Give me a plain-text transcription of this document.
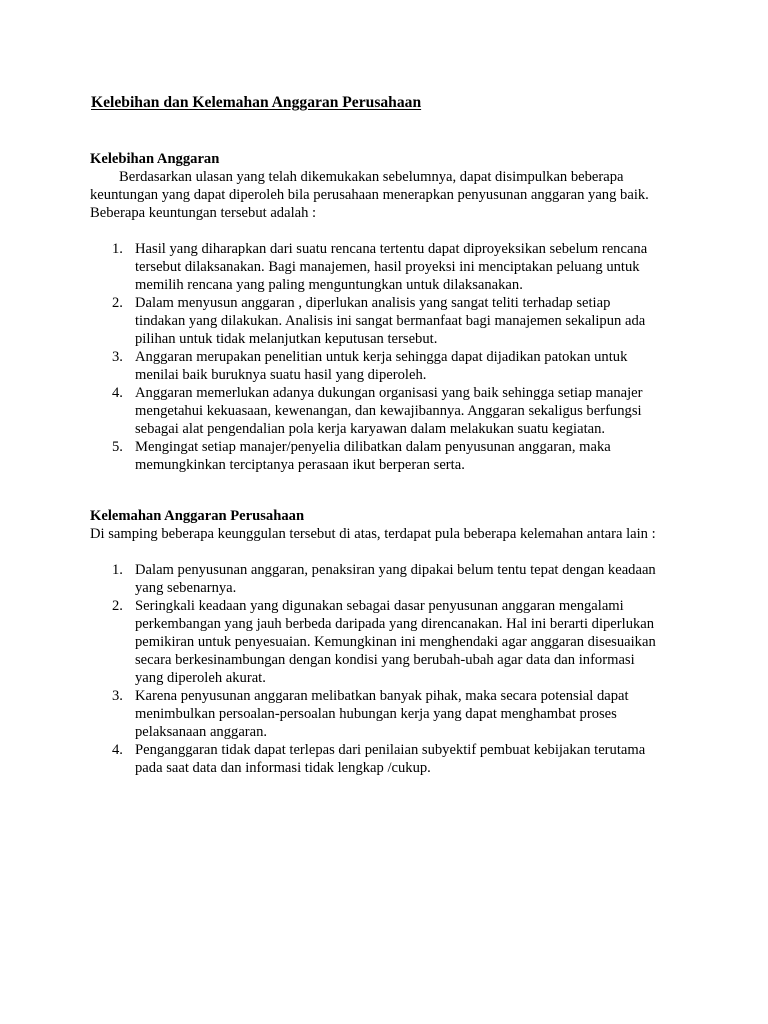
Kelebihan dan Kelemahan Anggaran Perusahaan
Kelebihan Anggaran

Berdasarkan ulasan yang telah dikemukakan sebelumnya, dapat disimpulkan beberapa
keuntungan yang dapat diperoleh bila perusahaan menerapkan penyusunan anggaran yang baik.
Beberapa keuntungan tersebut adalah :

1. Hasil yang diharapkan dari suatu rencana tertentu dapat diproyeksikan sebelum rencana
tersebut dilaksanakan. Bagi manajemen, hasil proyeksi ini menciptakan peluang untuk
memilih rencana yang paling menguntungkan untuk dilaksanakan.
2. Dalam menyusun anggaran , diperlukan analisis yang sangat teliti terhadap setiap
tindakan yang dilakukan. Analisis ini sangat bermanfaat bagi manajemen sekalipun ada
pilihan untuk tidak melanjutkan keputusan tersebut.
3. Anggaran merupakan penelitian untuk kerja sehingga dapat dijadikan patokan untuk
menilai baik buruknya suatu hasil yang diperoleh.
4. Anggaran memerlukan adanya dukungan organisasi yang baik sehingga setiap manajer
mengetahui kekuasaan, kewenangan, dan kewajibannya. Anggaran sekaligus berfungsi
sebagai alat pengendalian pola kerja karyawan dalam melakukan suatu kegiatan.
5. Mengingat setiap manajer/penyelia dilibatkan dalam penyusunan anggaran, maka
memungkinkan terciptanya perasaan ikut berperan serta.
Kelemahan Anggaran Perusahaan

Di samping beberapa keunggulan tersebut di atas, terdapat pula beberapa kelemahan antara lain :

1. Dalam penyusunan anggaran, penaksiran yang dipakai belum tentu tepat dengan keadaan
yang sebenarnya.
2. Seringkali keadaan yang digunakan sebagai dasar penyusunan anggaran mengalami
perkembangan yang jauh berbeda daripada yang direncanakan. Hal ini berarti diperlukan
pemikiran untuk penyesuaian. Kemungkinan ini menghendaki agar anggaran disesuaikan
secara berkesinambungan dengan kondisi yang berubah-ubah agar data dan informasi
yang diperoleh akurat.
3. Karena penyusunan anggaran melibatkan banyak pihak, maka secara potensial dapat
menimbulkan persoalan-persoalan hubungan kerja yang dapat menghambat proses
pelaksanaan anggaran.
4. Penganggaran tidak dapat terlepas dari penilaian subyektif pembuat kebijakan terutama
pada saat data dan informasi tidak lengkap /cukup.
